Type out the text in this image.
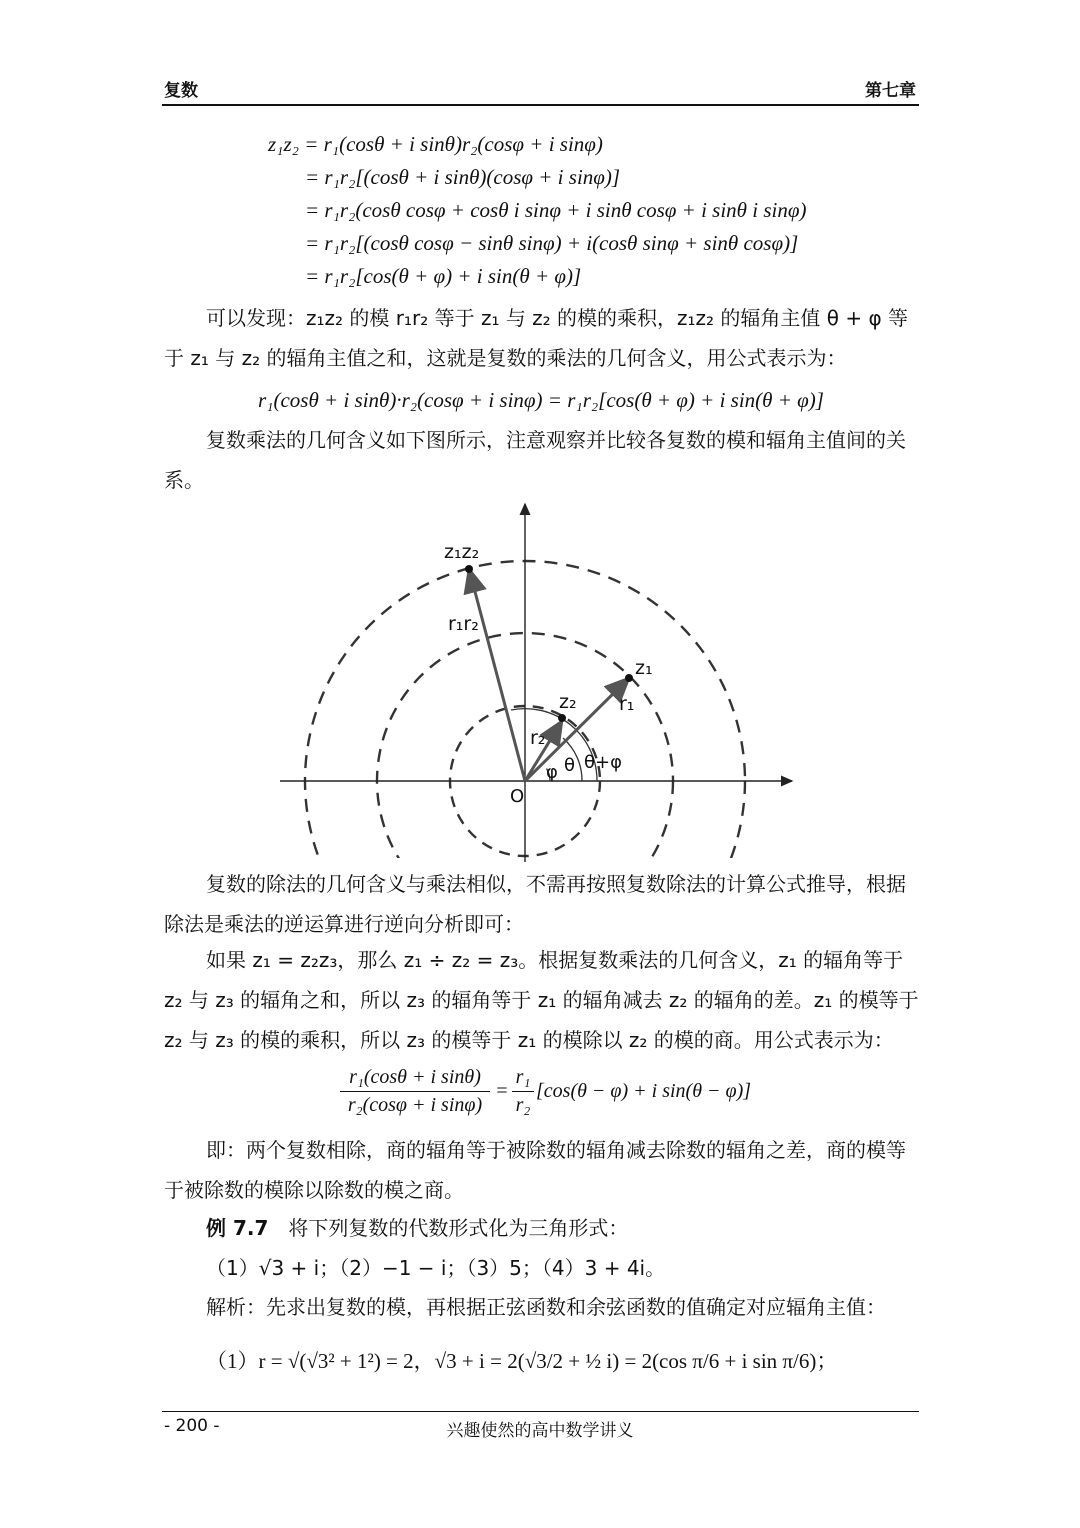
复数	第七章
z₁z₂ = r₁(cosθ + i sinθ)r₂(cosφ + i sinφ)
= r₁r₂[(cosθ + i sinθ)(cosφ + i sinφ)]
= r₁r₂(cosθ cosφ + cosθ i sinφ + i sinθ cosφ + i sinθ i sinφ)
= r₁r₂[(cosθ cosφ − sinθ sinφ) + i(cosθ sinφ + sinθ cosφ)]
= r₁r₂[cos(θ + φ) + i sin(θ + φ)]

可以发现：z₁z₂ 的模 r₁r₂ 等于 z₁ 与 z₂ 的模的乘积，z₁z₂ 的辐角主值 θ + φ 等于 z₁ 与 z₂ 的辐角主值之和，这就是复数的乘法的几何含义，用公式表示为：

r₁(cosθ + i sinθ)·r₂(cosφ + i sinφ) = r₁r₂[cos(θ + φ) + i sin(θ + φ)]

复数乘法的几何含义如下图所示，注意观察并比较各复数的模和辐角主值间的关系。

z₁z₂
r₁r₂
z₁
r₁
z₂
r₂
φ θ θ+φ
O

复数的除法的几何含义与乘法相似，不需再按照复数除法的计算公式推导，根据除法是乘法的逆运算进行逆向分析即可：

如果 z₁ = z₂z₃，那么 z₁ ÷ z₂ = z₃。根据复数乘法的几何含义，z₁ 的辐角等于 z₂ 与 z₃ 的辐角之和，所以 z₃ 的辐角等于 z₁ 的辐角减去 z₂ 的辐角的差。z₁ 的模等于 z₂ 与 z₃ 的模的乘积，所以 z₃ 的模等于 z₁ 的模除以 z₂ 的模的商。用公式表示为：

$\frac{\text{r₁(cosθ + i sinθ)}}{\text{r₂(cosφ + i sinφ)}} = \frac{\text{r₁}}{\text{r₂}} [\cos(\theta - \varphi) + i$ sin(θ − φ)]

即：两个复数相除，商的辐角等于被除数的辐角减去除数的辐角之差，商的模等于被除数的模除以除数的模之商。

例 7.7 将下列复数的代数形式化为三角形式：
（1）√3 + i；（2）−1 − i；（3）5；（4）3 + 4i。
解析：先求出复数的模，再根据正弦函数和余弦函数的值确定对应辐角主值：
（1）r = √(√3² + 1²) = 2，√3 + i = 2(√3/2 + ½ i) = 2(cos π/6 + i sin π/6)；
- 200 -	兴趣使然的高中数学讲义
